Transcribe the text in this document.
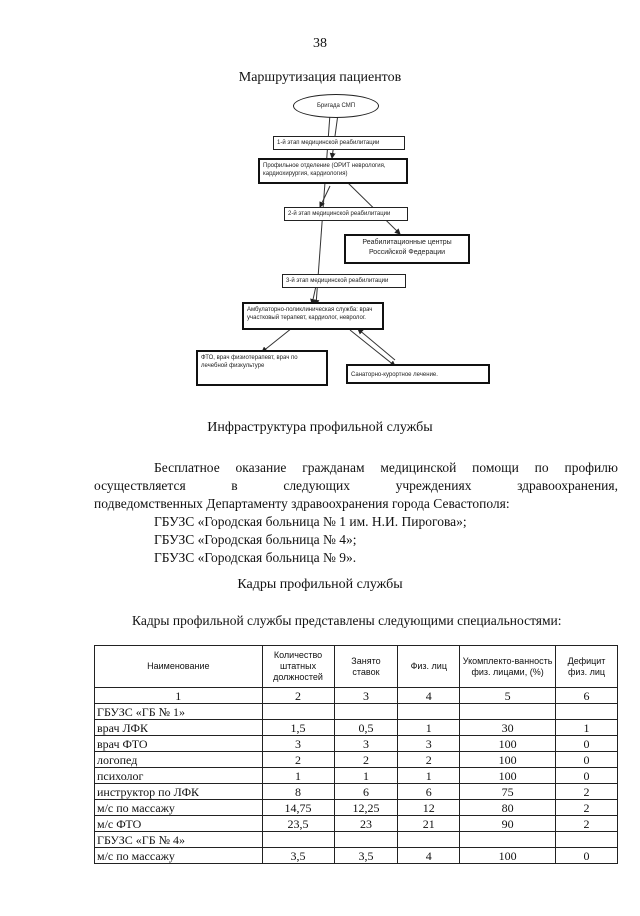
38
Маршрутизация пациентов
Бригада СМП
1-й этап медицинской реабилитации
Профильное отделение (ОРИТ неврология, кардиохирургия, кардиология)
2-й этап медицинской реабилитации
Реабилитационные центры Российской Федерации
3-й этап медицинской реабилитации
Амбулаторно-поликлиническая служба: врач участковый терапевт, кардиолог, невролог.
ФТО, врач физиотерапевт, врач по лечебной физкультуре
Санаторно-курортное лечение.
Инфраструктура профильной службы
Бесплатное оказание гражданам медицинской помощи по профилю
осуществляется в следующих учреждениях здравоохранения,
подведомственных Департаменту здравоохранения города Севастополя:
ГБУЗС «Городская больница № 1 им. Н.И. Пирогова»;
ГБУЗС «Городская больница № 4»;
ГБУЗС «Городская больница № 9».
Кадры профильной службы
Кадры профильной службы представлены следующими специальностями:
Наименование	Количество штатных должностей	Занято ставок	Физ. лиц	Укомплекто-ванность физ. лицами, (%)	Дефицит физ. лиц
1	2	3	4	5	6
ГБУЗС «ГБ № 1»					
врач ЛФК	1,5	0,5	1	30	1
врач ФТО	3	3	3	100	0
логопед	2	2	2	100	0
психолог	1	1	1	100	0
инструктор по ЛФК	8	6	6	75	2
м/с по массажу	14,75	12,25	12	80	2
м/с ФТО	23,5	23	21	90	2
ГБУЗС «ГБ № 4»					
м/с по массажу	3,5	3,5	4	100	0
